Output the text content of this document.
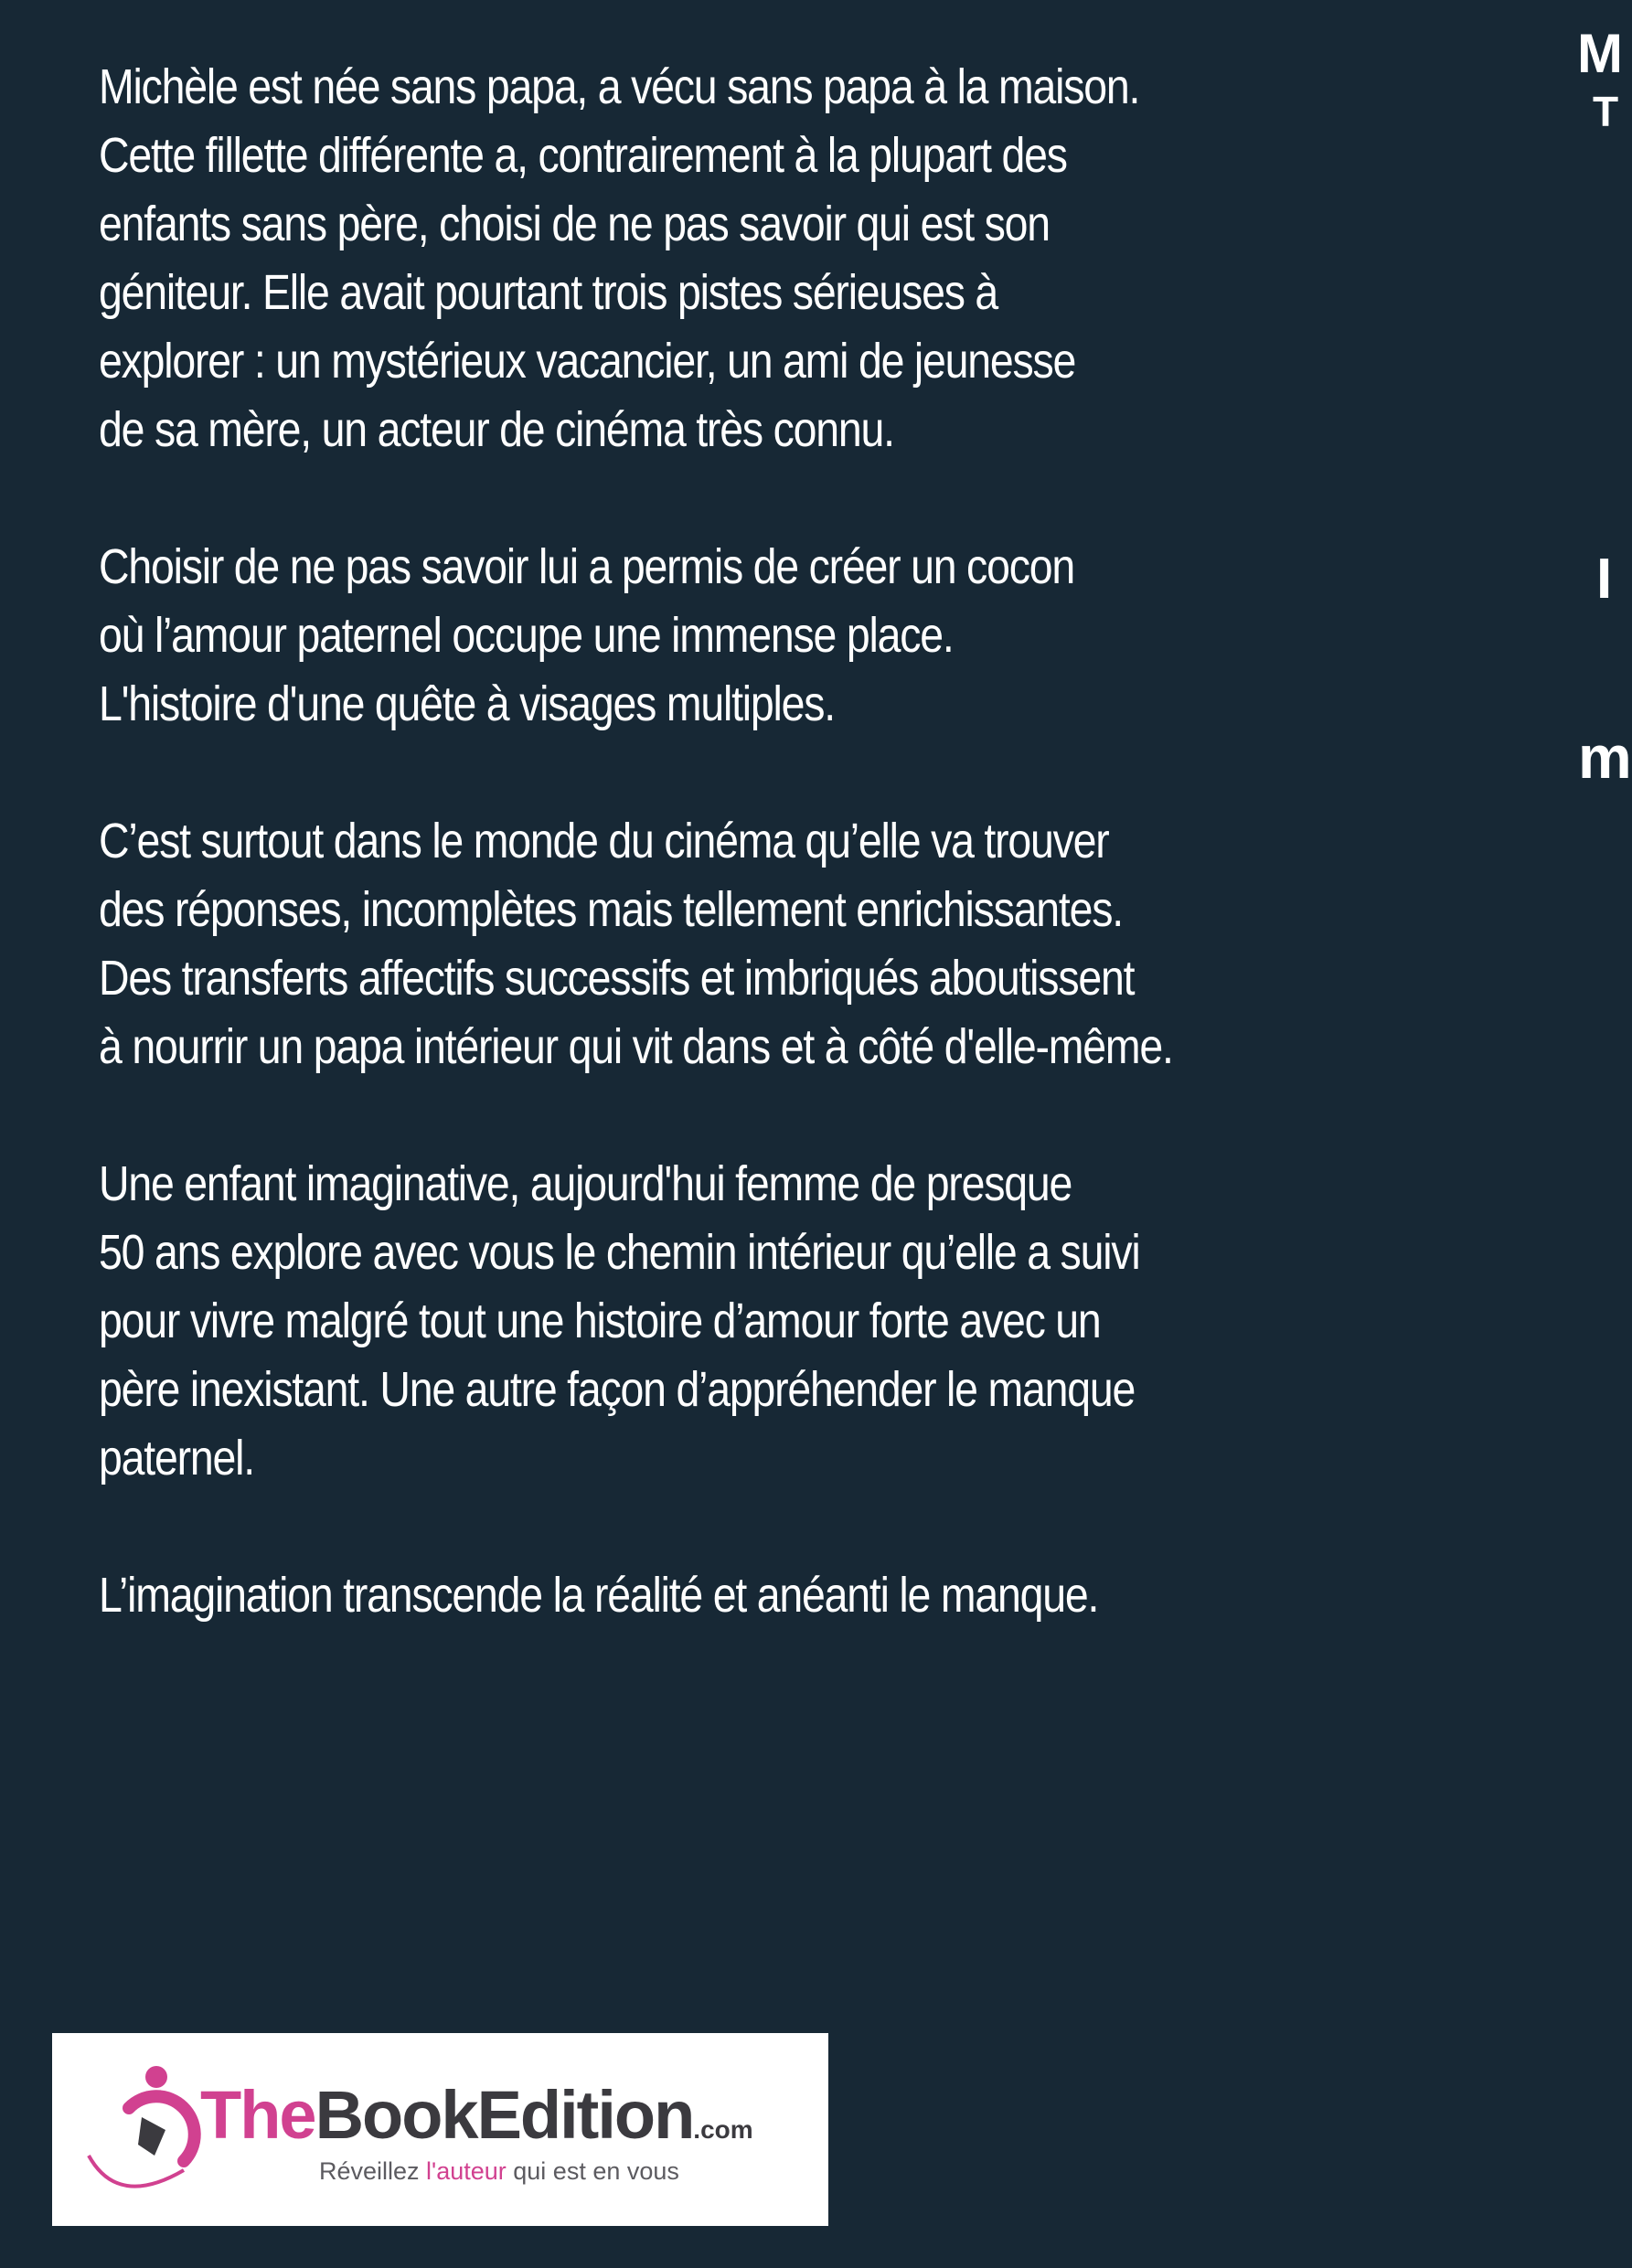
Michèle est née sans papa, a vécu sans papa à la maison.
Cette fillette différente a, contrairement à la plupart des
enfants sans père, choisi de ne pas savoir qui est son
géniteur. Elle avait pourtant trois pistes sérieuses à
explorer : un mystérieux vacancier, un ami de jeunesse
de sa mère, un acteur de cinéma très connu.
Choisir de ne pas savoir lui a permis de créer un cocon
où l’amour paternel occupe une immense place.
L'histoire d'une quête à visages multiples.
C’est surtout dans le monde du cinéma qu’elle va trouver
des réponses, incomplètes mais tellement enrichissantes.
Des transferts affectifs successifs et imbriqués aboutissent
à nourrir un papa intérieur qui vit dans et à côté d'elle-même.
Une enfant imaginative, aujourd'hui femme de presque
50 ans explore avec vous le chemin intérieur qu’elle a suivi
pour vivre malgré tout une histoire d’amour forte avec un
père inexistant. Une autre façon d’appréhender le manque
paternel.
L’imagination transcende la réalité et anéanti le manque.
M
T
I
m
TheBookEdition.com
Réveillez l'auteur qui est en vous
